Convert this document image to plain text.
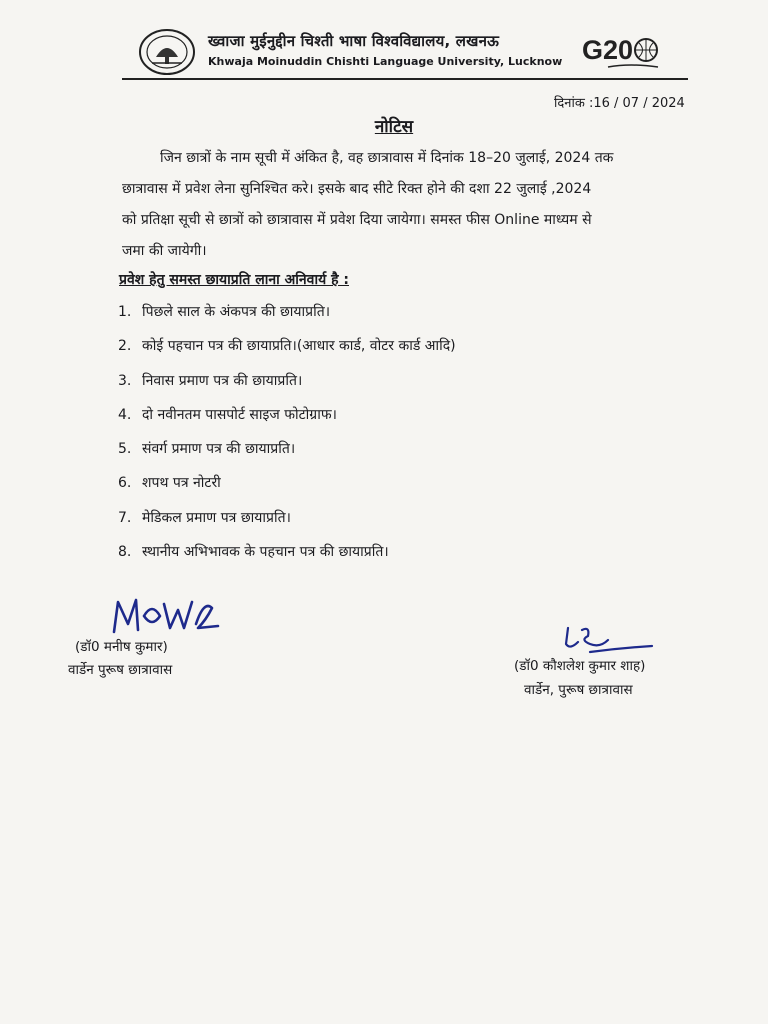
ख्वाजा मुईनुद्दीन चिश्ती भाषा विश्वविद्यालय, लखनऊ
Khwaja Moinuddin Chishti Language University, Lucknow G20
दिनांक :16 / 07 / 2024
नोटिस
जिन छात्रों के नाम सूची में अंकित है, वह छात्रावास में दिनांक 18–20 जुलाई, 2024 तक
छात्रावास में प्रवेश लेना सुनिश्चित करे। इसके बाद सीटे रिक्त होने की दशा 22 जुलाई ,2024
को प्रतिक्षा सूची से छात्रों को छात्रावास में प्रवेश दिया जायेगा। समस्त फीस Online माध्यम से
जमा की जायेगी।
प्रवेश हेतु समस्त छायाप्रति लाना अनिवार्य है :
1. पिछले साल के अंकपत्र की छायाप्रति।
2. कोई पहचान पत्र की छायाप्रति।(आधार कार्ड, वोटर कार्ड आदि)
3. निवास प्रमाण पत्र की छायाप्रति।
4. दो नवीनतम पासपोर्ट साइज फोटोग्राफ।
5. संवर्ग प्रमाण पत्र की छायाप्रति।
6. शपथ पत्र नोटरी
7. मेडिकल प्रमाण पत्र छायाप्रति।
8. स्थानीय अभिभावक के पहचान पत्र की छायाप्रति।
(डॉ0 मनीष कुमार)
वार्डेन पुरूष छात्रावास	(डॉ0 कौशलेश कुमार शाह)
वार्डेन, पुरूष छात्रावास
